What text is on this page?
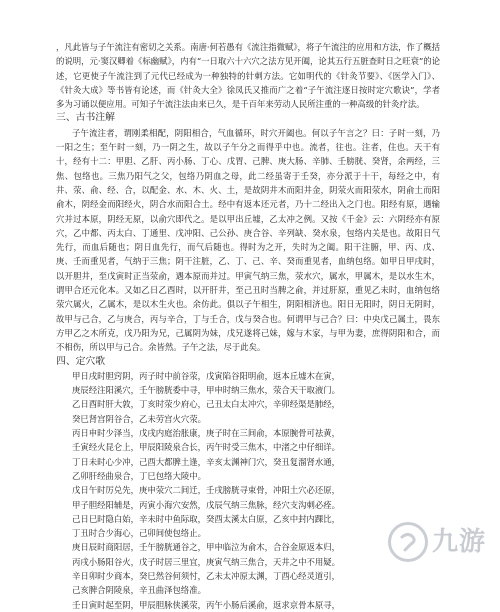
，凡此皆与子午流注有密切之关系。南唐·何若愚有《流注指微赋》，将子午流注的应用和方法，作了概括的说明，元·窦汉卿着《标幽赋》，内有“一日取六十六穴之法方见开阖，论其五行五脏查时日之旺衰”的论述，它更使子午流注到了元代已经成为一种独特的针刺方法。它如明代的《针灸节要》、《医学入门》、《针灸大成》等书皆有论述，而《针灸大全》徐凤氏又推而广之着“子午流注逐日按时定穴歌诀”，学者多为习诵以便应用。可知子午流注法由来已久，是千百年来劳动人民所注重的一种高级的针灸疗法。

三、古书注解

子午流注者，谓刚柔相配，阴阳相合，气血循环，时穴开阖也。何以子午言之？曰：子时一刻，乃一阳之生；至午时一刻，乃一阴之生，故以子午分之而得乎中也。流者，往也。注者，住也。天干有十，经有十二：甲胆、乙肝、丙小肠、丁心、戊胃、己脾、庚大肠、辛肺、壬膀胱、癸肾，余两经，三焦、包络也。三焦乃阳气之父，包络乃阴血之母，此二经虽寄于壬癸，亦分派于十干，每经之中，有井、荥、俞、经、合，以配金、水、木、火、土，是故阴井木而阳井金，阴荥火而阳荥水，阴俞土而阳俞木，阴经金而阳经火，阴合水而阳合土。经中有返本还元者，乃十二经出入之门也。阳经有原，遇输穴并过本原，阴经无原，以俞穴即代之。是以甲出丘墟，乙太冲之例。又按《千金》云：六阴经亦有原穴，乙中都、丙太白、丁通里、戊冲阳、己公孙、庚合谷、辛列缺、癸水泉，包络内关是也。故阳日气先行，而血后随也；阴日血先行，而气后随也。得时为之开，失时为之阖。阳干注腑，甲、丙、戊、庚、壬而重见者，气纳于三焦；阴干注脏，乙、丁、己、辛、癸而重见者，血纳包络。如甲日甲戌时，以开胆井，至戊寅时正当荥俞，遇本原而并过。甲寅气纳三焦，荥水穴，属水，甲属木，是以水生木，谓甲合还元化本。又如乙日乙酉时，以开肝井，至己丑时当脾之俞，并过肝原，重见乙未时，血纳包络荥穴属火，乙属木，是以木生火也。余仿此。俱以子午相生，阴阳相济也。阳日无阳时，阴日无阴时，故甲与己合，乙与庚合，丙与辛合，丁与壬合，戊与癸合也。何谓甲与己合？曰：中央戊己属土，畏东方甲乙之木所克，戊乃阳为兄，己属阴为妹，戊兄遂将己妹，嫁与木家，与甲为妻，庶得阴阳和合，而不相伤，所以甲与己合。余皆然。子午之法，尽于此矣。

四、定穴歌

甲日戌时胆窍阴，丙子时中前谷荥，戊寅陷谷阳明俞，返本丘墟木在寅，

庚辰经注阳溪穴，壬午膀胱委中寻，甲申时纳三焦水，荥合天干取液门。

乙日酉时肝大敦，丁亥时荥少府心，己丑太白太冲穴，辛卯经渠是肺经，

癸巳肾宫阴谷合，乙未劳宫火穴荥。

丙日申时少泽当，戊戌内庭治胀康，庚子时在三间俞，本原腕骨可祛黄，

壬寅经火昆仑上，甲辰阳陵泉合长，丙午时受三焦木，中渚之中仔细详。

丁日未时心少冲，己酉大都脾土逢，辛亥太渊神门穴，癸丑复溜肾水通，

乙卯肝经曲泉合，丁巳包络大陵中。

戊日午时厉兑先，庚申荥穴二间迁，壬戌膀胱寻束骨，冲阳土穴必还原，

甲子胆经阳辅是，丙寅小海穴安然，戊辰气纳三焦脉，经穴支沟刺必痊。

己日巳时隐白始，辛未时中鱼际取，癸酉太溪太白原，乙亥中封内踝比，

丁丑时合少海心，己卯间使包络止。

庚日辰时商阳居，壬午膀胱通谷之，甲申临泣为俞木，合谷金原返本归，

丙戌小肠阳谷火，戊子时居三里宜，庚寅气纳三焦合，天井之中不用疑。

辛日卯时少商本，癸巳然谷何须忖，乙未太冲原太渊，丁酉心经灵道引，

己亥脾合阴陵泉，辛丑曲泽包络准。

壬日寅时起至阴，甲辰胆脉侠溪荥，丙午小肠后溪俞，返求京骨本原寻，

九游
